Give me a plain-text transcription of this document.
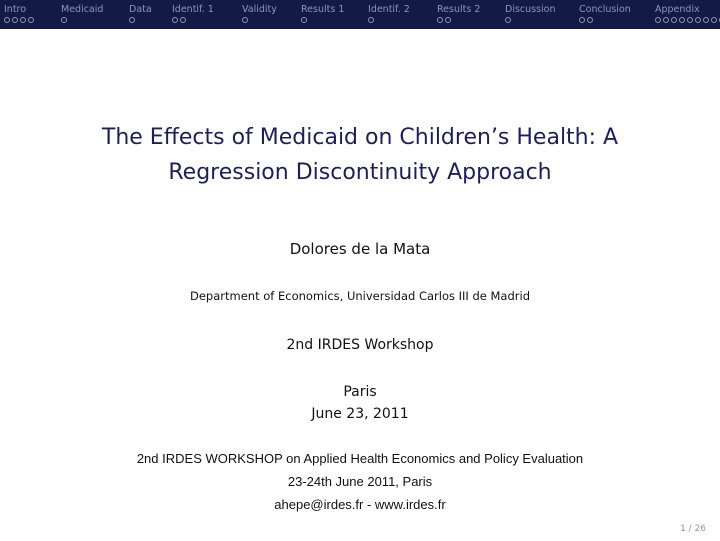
Intro	Medicaid	Data Identif. 1	Validity	Results 1 Identif. 2	Results 2	Discussion Conclusion	Appendix
The Effects of Medicaid on Children’s Health: A
Regression Discontinuity Approach
Dolores de la Mata
Department of Economics, Universidad Carlos III de Madrid
2nd IRDES Workshop
Paris
June 23, 2011
2nd IRDES WORKSHOP on Applied Health Economics and Policy Evaluation
23-24th June 2011, Paris
ahepe@irdes.fr - www.irdes.fr
1 / 26
